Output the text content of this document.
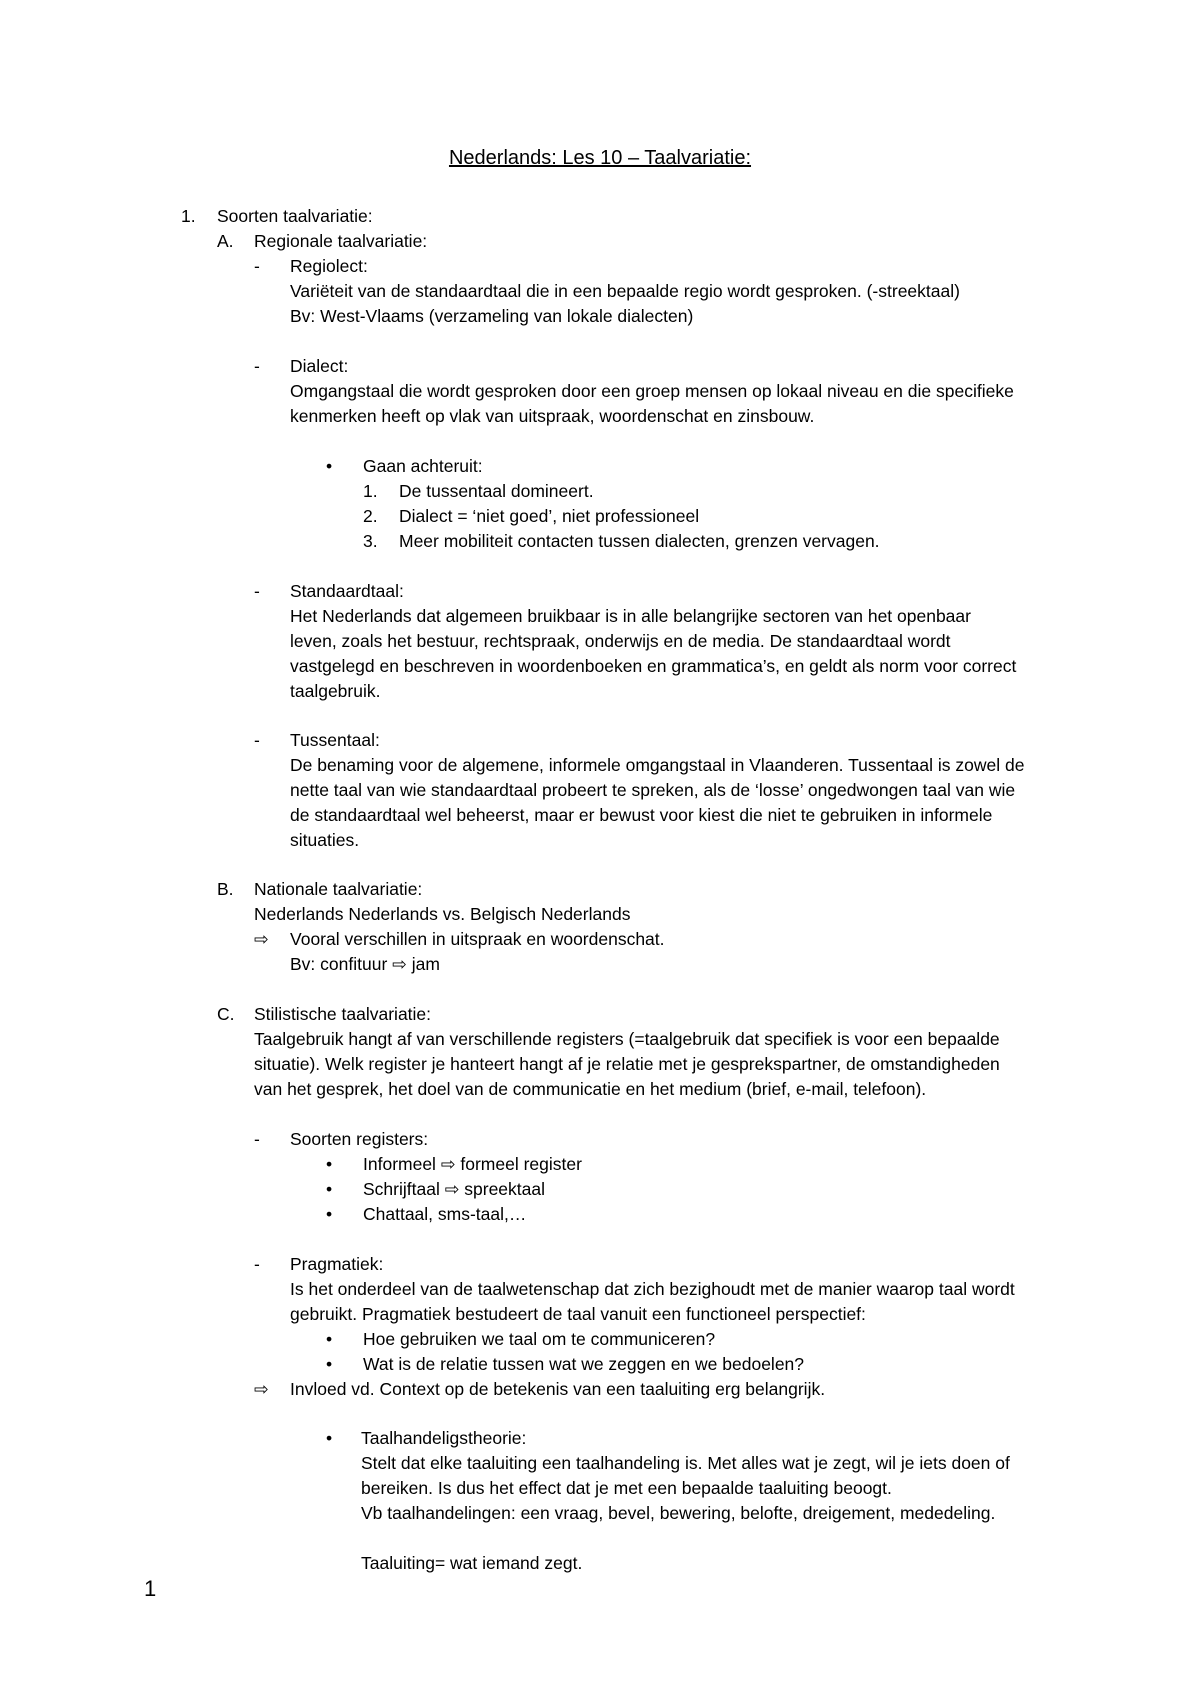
Nederlands: Les 10 – Taalvariatie:
1. Soorten taalvariatie:
A. Regionale taalvariatie:
- Regiolect:
Variëteit van de standaardtaal die in een bepaalde regio wordt gesproken. (-streektaal)
Bv: West-Vlaams (verzameling van lokale dialecten)
- Dialect:
Omgangstaal die wordt gesproken door een groep mensen op lokaal niveau en die specifieke
kenmerken heeft op vlak van uitspraak, woordenschat en zinsbouw.
• Gaan achteruit:
1. De tussentaal domineert.
2. Dialect = ‘niet goed’, niet professioneel
3. Meer mobiliteit contacten tussen dialecten, grenzen vervagen.
- Standaardtaal:
Het Nederlands dat algemeen bruikbaar is in alle belangrijke sectoren van het openbaar
leven, zoals het bestuur, rechtspraak, onderwijs en de media. De standaardtaal wordt
vastgelegd en beschreven in woordenboeken en grammatica’s, en geldt als norm voor correct
taalgebruik.
- Tussentaal:
De benaming voor de algemene, informele omgangstaal in Vlaanderen. Tussentaal is zowel de
nette taal van wie standaardtaal probeert te spreken, als de ‘losse’ ongedwongen taal van wie
de standaardtaal wel beheerst, maar er bewust voor kiest die niet te gebruiken in informele
situaties.
B. Nationale taalvariatie:
Nederlands Nederlands vs. Belgisch Nederlands
⇨ Vooral verschillen in uitspraak en woordenschat.
Bv: confituur ⇨ jam
C. Stilistische taalvariatie:
Taalgebruik hangt af van verschillende registers (=taalgebruik dat specifiek is voor een bepaalde
situatie). Welk register je hanteert hangt af je relatie met je gesprekspartner, de omstandigheden
van het gesprek, het doel van de communicatie en het medium (brief, e-mail, telefoon).
- Soorten registers:
• Informeel ⇨ formeel register
• Schrijftaal ⇨ spreektaal
• Chattaal, sms-taal,…
- Pragmatiek:
Is het onderdeel van de taalwetenschap dat zich bezighoudt met de manier waarop taal wordt
gebruikt. Pragmatiek bestudeert de taal vanuit een functioneel perspectief:
• Hoe gebruiken we taal om te communiceren?
• Wat is de relatie tussen wat we zeggen en we bedoelen?
⇨ Invloed vd. Context op de betekenis van een taaluiting erg belangrijk.
• Taalhandeligstheorie:
Stelt dat elke taaluiting een taalhandeling is. Met alles wat je zegt, wil je iets doen of
bereiken. Is dus het effect dat je met een bepaalde taaluiting beoogt.
Vb taalhandelingen: een vraag, bevel, bewering, belofte, dreigement, mededeling.
Taaluiting= wat iemand zegt.
1
